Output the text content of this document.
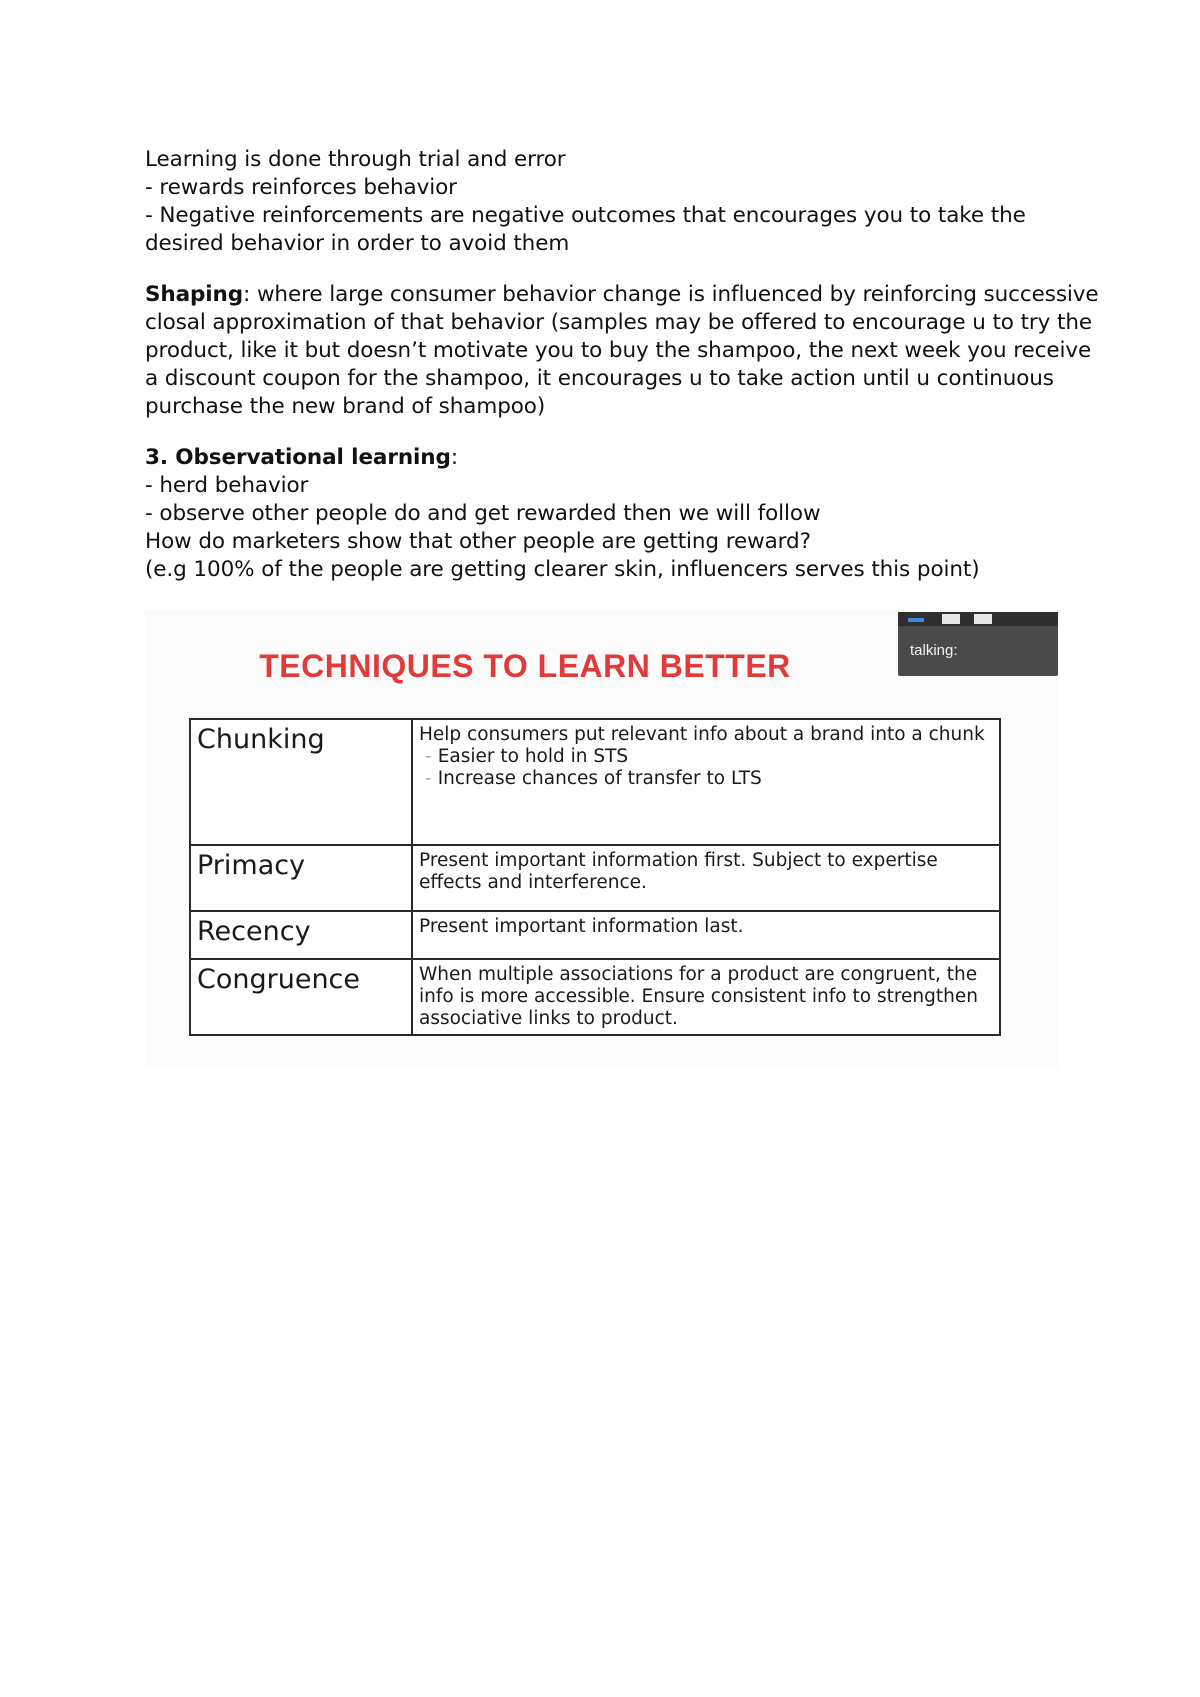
Learning is done through trial and error

- rewards reinforces behavior

- Negative reinforcements are negative outcomes that encourages you to take the desired behavior in order to avoid them

Shaping: where large consumer behavior change is influenced by reinforcing successive closal approximation of that behavior (samples may be offered to encourage u to try the product, like it but doesn’t motivate you to buy the shampoo, the next week you receive a discount coupon for the shampoo, it encourages u to take action until u continuous purchase the new brand of shampoo)

3. Observational learning:

- herd behavior

- observe other people do and get rewarded then we will follow

How do marketers show that other people are getting reward?

(e.g 100% of the people are getting clearer skin, influencers serves this point)

TECHNIQUES TO LEARN BETTER	talking:
Chunking	Help consumers put relevant info about a brand into a chunk
- Easier to hold in STS
- Increase chances of transfer to LTS

Primacy	Present important information first. Subject to expertise effects and interference.
Recency	Present important information last.
Congruence	When multiple associations for a product are congruent, the info is more accessible. Ensure consistent info to strengthen associative links to product.
